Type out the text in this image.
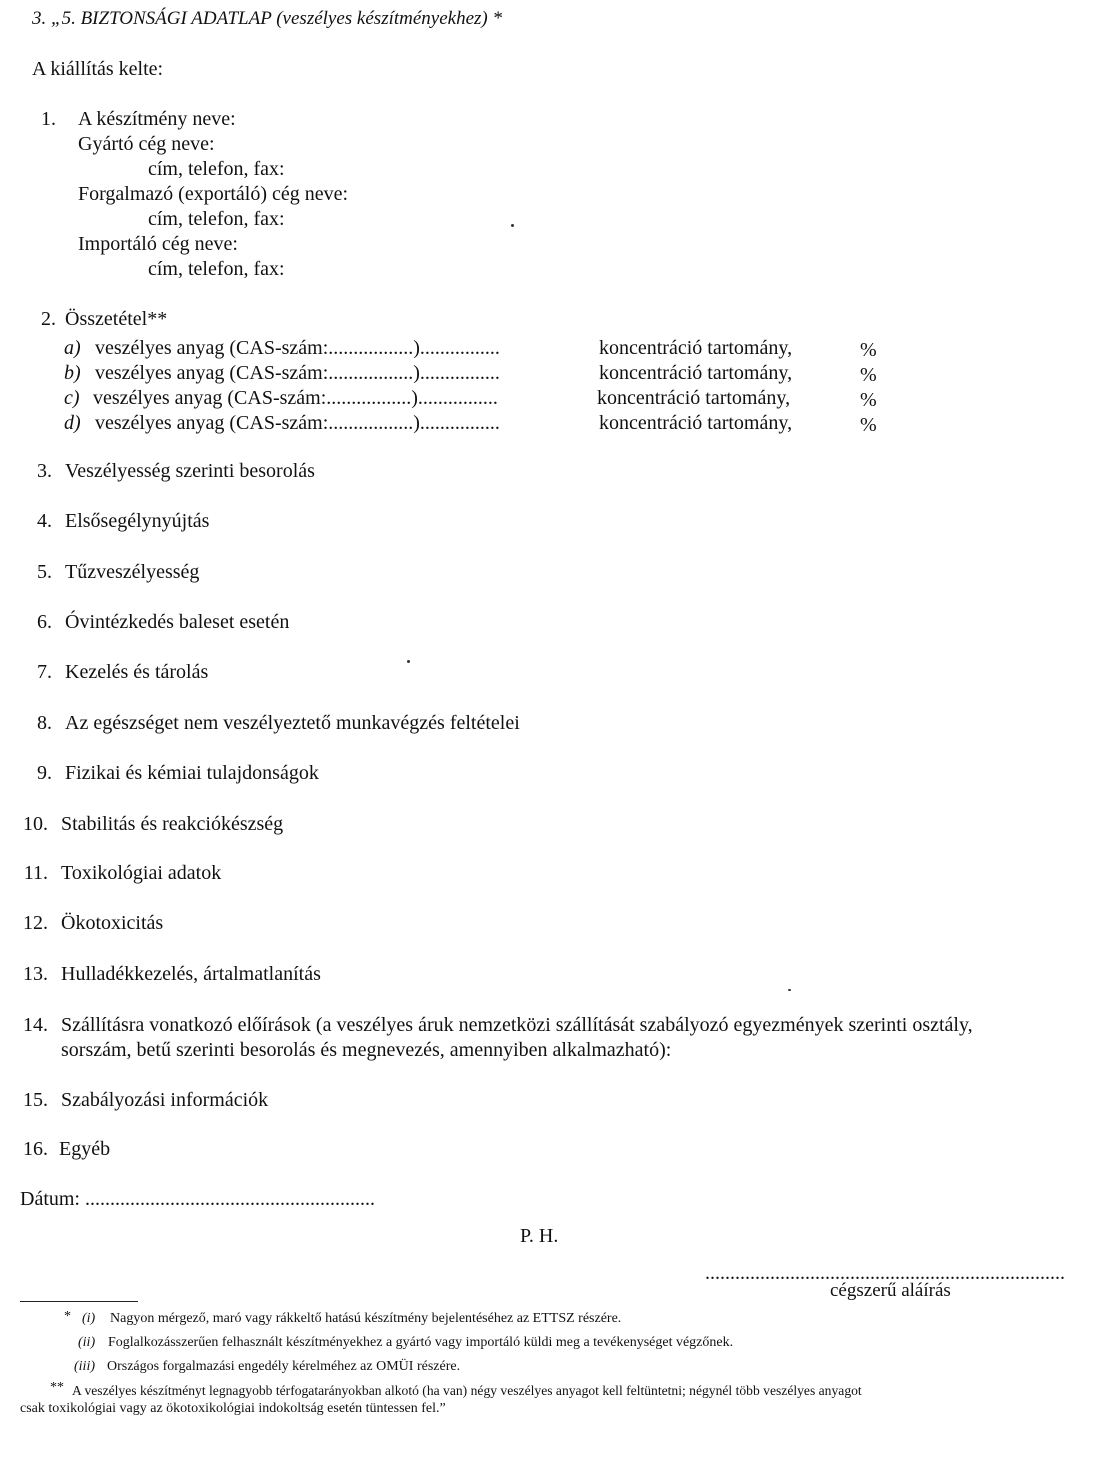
3. „5. BIZTONSÁGI ADATLAP (veszélyes készítményekhez) *
A kiállítás kelte:
1. A készítmény neve:
Gyártó cég neve:
cím, telefon, fax:
Forgalmazó (exportáló) cég neve:
cím, telefon, fax:
Importáló cég neve:
cím, telefon, fax:
2. Összetétel**
a) veszélyes anyag (CAS-szám:.................)................	koncentráció tartomány,	%
b) veszélyes anyag (CAS-szám:.................)................	koncentráció tartomány,	%
c) veszélyes anyag (CAS-szám:.................)................	koncentráció tartomány,	%
d) veszélyes anyag (CAS-szám:.................)................	koncentráció tartomány,	%
3. Veszélyesség szerinti besorolás
4. Elsősegélynyújtás
5. Tűzveszélyesség
6. Óvintézkedés baleset esetén
7. Kezelés és tárolás
8. Az egészséget nem veszélyeztető munkavégzés feltételei
9. Fizikai és kémiai tulajdonságok
10. Stabilitás és reakciókészség
11. Toxikológiai adatok
12. Ökotoxicitás
13. Hulladékkezelés, ártalmatlanítás
14. Szállításra vonatkozó előírások (a veszélyes áruk nemzetközi szállítását szabályozó egyezmények szerinti osztály,
sorszám, betű szerinti besorolás és megnevezés, amennyiben alkalmazható):
15. Szabályozási információk
16. Egyéb
Dátum: ..........................................................
P. H.
........................................................................
cégszerű aláírás
* (i) Nagyon mérgező, maró vagy rákkeltő hatású készítmény bejelentéséhez az ETTSZ részére.
(ii) Foglalkozásszerűen felhasznált készítményekhez a gyártó vagy importáló küldi meg a tevékenységet végzőnek.
(iii) Országos forgalmazási engedély kérelméhez az OMÜI részére.
** A veszélyes készítményt legnagyobb térfogatarányokban alkotó (ha van) négy veszélyes anyagot kell feltüntetni; négynél több veszélyes anyagot
csak toxikológiai vagy az ökotoxikológiai indokoltság esetén tüntessen fel.”
